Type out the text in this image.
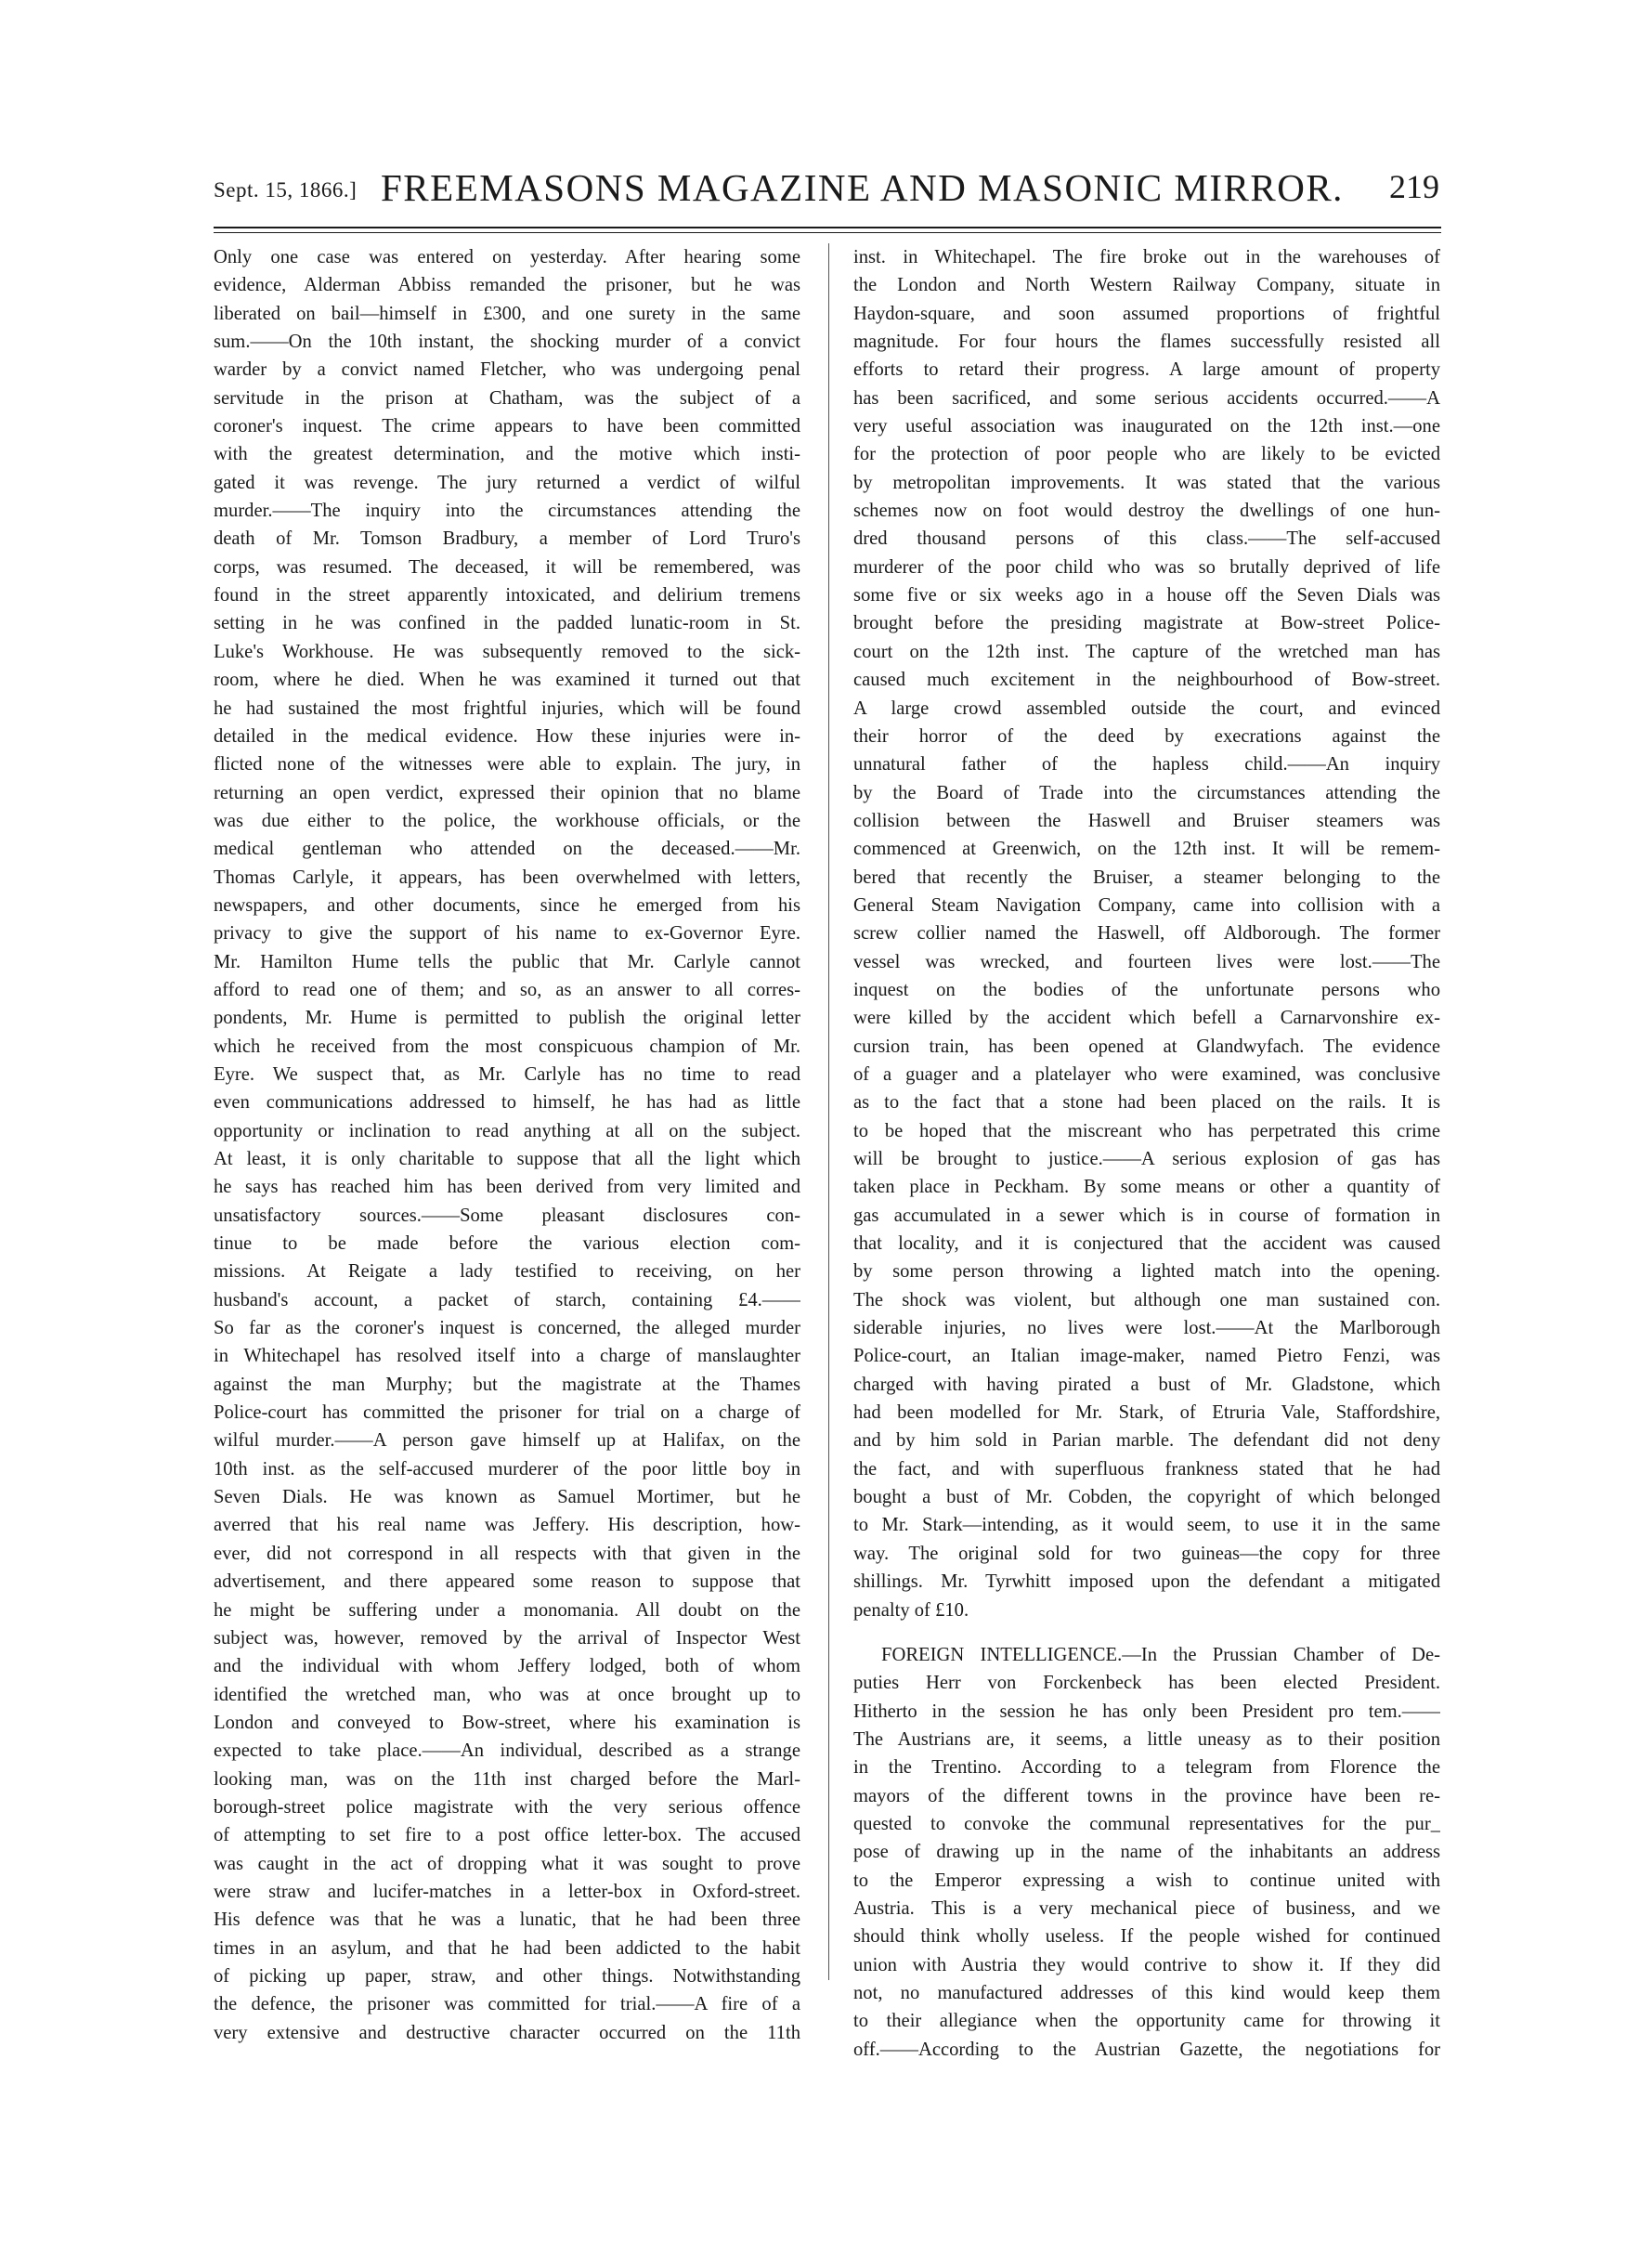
Sept. 15, 1866.] FREEMASONS MAGAZINE AND MASONIC MIRROR. 219
Only one case was entered on yesterday. After hearing some
evidence, Alderman Abbiss remanded the prisoner, but he was
liberated on bail—himself in £300, and one surety in the same
sum.——On the 10th instant, the shocking murder of a convict
warder by a convict named Fletcher, who was undergoing penal
servitude in the prison at Chatham, was the subject of a
coroner's inquest. The crime appears to have been committed
with the greatest determination, and the motive which insti-
gated it was revenge. The jury returned a verdict of wilful
murder.——The inquiry into the circumstances attending the
death of Mr. Tomson Bradbury, a member of Lord Truro's
corps, was resumed. The deceased, it will be remembered, was
found in the street apparently intoxicated, and delirium tremens
setting in he was confined in the padded lunatic-room in St.
Luke's Workhouse. He was subsequently removed to the sick-
room, where he died. When he was examined it turned out that
he had sustained the most frightful injuries, which will be found
detailed in the medical evidence. How these injuries were in-
flicted none of the witnesses were able to explain. The jury, in
returning an open verdict, expressed their opinion that no blame
was due either to the police, the workhouse officials, or the
medical gentleman who attended on the deceased.——Mr.
Thomas Carlyle, it appears, has been overwhelmed with letters,
newspapers, and other documents, since he emerged from his
privacy to give the support of his name to ex-Governor Eyre.
Mr. Hamilton Hume tells the public that Mr. Carlyle cannot
afford to read one of them; and so, as an answer to all corres-
pondents, Mr. Hume is permitted to publish the original letter
which he received from the most conspicuous champion of Mr.
Eyre. We suspect that, as Mr. Carlyle has no time to read
even communications addressed to himself, he has had as little
opportunity or inclination to read anything at all on the subject.
At least, it is only charitable to suppose that all the light which
he says has reached him has been derived from very limited and
unsatisfactory sources.——Some pleasant disclosures con-
tinue to be made before the various election com-
missions. At Reigate a lady testified to receiving, on her
husband's account, a packet of starch, containing £4.——
So far as the coroner's inquest is concerned, the alleged murder
in Whitechapel has resolved itself into a charge of manslaughter
against the man Murphy; but the magistrate at the Thames
Police-court has committed the prisoner for trial on a charge of
wilful murder.——A person gave himself up at Halifax, on the
10th inst. as the self-accused murderer of the poor little boy in
Seven Dials. He was known as Samuel Mortimer, but he
averred that his real name was Jeffery. His description, how-
ever, did not correspond in all respects with that given in the
advertisement, and there appeared some reason to suppose that
he might be suffering under a monomania. All doubt on the
subject was, however, removed by the arrival of Inspector West
and the individual with whom Jeffery lodged, both of whom
identified the wretched man, who was at once brought up to
London and conveyed to Bow-street, where his examination is
expected to take place.——An individual, described as a strange
looking man, was on the 11th inst charged before the Marl-
borough-street police magistrate with the very serious offence
of attempting to set fire to a post office letter-box. The accused
was caught in the act of dropping what it was sought to prove
were straw and lucifer-matches in a letter-box in Oxford-street.
His defence was that he was a lunatic, that he had been three
times in an asylum, and that he had been addicted to the habit
of picking up paper, straw, and other things. Notwithstanding
the defence, the prisoner was committed for trial.——A fire of a
very extensive and destructive character occurred on the 11th
inst. in Whitechapel. The fire broke out in the warehouses of
the London and North Western Railway Company, situate in
Haydon-square, and soon assumed proportions of frightful
magnitude. For four hours the flames successfully resisted all
efforts to retard their progress. A large amount of property
has been sacrificed, and some serious accidents occurred.——A
very useful association was inaugurated on the 12th inst.—one
for the protection of poor people who are likely to be evicted
by metropolitan improvements. It was stated that the various
schemes now on foot would destroy the dwellings of one hun-
dred thousand persons of this class.——The self-accused
murderer of the poor child who was so brutally deprived of life
some five or six weeks ago in a house off the Seven Dials was
brought before the presiding magistrate at Bow-street Police-
court on the 12th inst. The capture of the wretched man has
caused much excitement in the neighbourhood of Bow-street.
A large crowd assembled outside the court, and evinced
their horror of the deed by execrations against the
unnatural father of the hapless child.——An inquiry
by the Board of Trade into the circumstances attending the
collision between the Haswell and Bruiser steamers was
commenced at Greenwich, on the 12th inst. It will be remem-
bered that recently the Bruiser, a steamer belonging to the
General Steam Navigation Company, came into collision with a
screw collier named the Haswell, off Aldborough. The former
vessel was wrecked, and fourteen lives were lost.——The
inquest on the bodies of the unfortunate persons who
were killed by the accident which befell a Carnarvonshire ex-
cursion train, has been opened at Glandwyfach. The evidence
of a guager and a platelayer who were examined, was conclusive
as to the fact that a stone had been placed on the rails. It is
to be hoped that the miscreant who has perpetrated this crime
will be brought to justice.——A serious explosion of gas has
taken place in Peckham. By some means or other a quantity of
gas accumulated in a sewer which is in course of formation in
that locality, and it is conjectured that the accident was caused
by some person throwing a lighted match into the opening.
The shock was violent, but although one man sustained con.
siderable injuries, no lives were lost.——At the Marlborough
Police-court, an Italian image-maker, named Pietro Fenzi, was
charged with having pirated a bust of Mr. Gladstone, which
had been modelled for Mr. Stark, of Etruria Vale, Staffordshire,
and by him sold in Parian marble. The defendant did not deny
the fact, and with superfluous frankness stated that he had
bought a bust of Mr. Cobden, the copyright of which belonged
to Mr. Stark—intending, as it would seem, to use it in the same
way. The original sold for two guineas—the copy for three
shillings. Mr. Tyrwhitt imposed upon the defendant a mitigated
penalty of £10.
FOREIGN INTELLIGENCE.—In the Prussian Chamber of De-
puties Herr von Forckenbeck has been elected President.
Hitherto in the session he has only been President pro tem.——
The Austrians are, it seems, a little uneasy as to their position
in the Trentino. According to a telegram from Florence the
mayors of the different towns in the province have been re-
quested to convoke the communal representatives for the pur_
pose of drawing up in the name of the inhabitants an address
to the Emperor expressing a wish to continue united with
Austria. This is a very mechanical piece of business, and we
should think wholly useless. If the people wished for continued
union with Austria they would contrive to show it. If they did
not, no manufactured addresses of this kind would keep them
to their allegiance when the opportunity came for throwing it
off.——According to the Austrian Gazette, the negotiations for
